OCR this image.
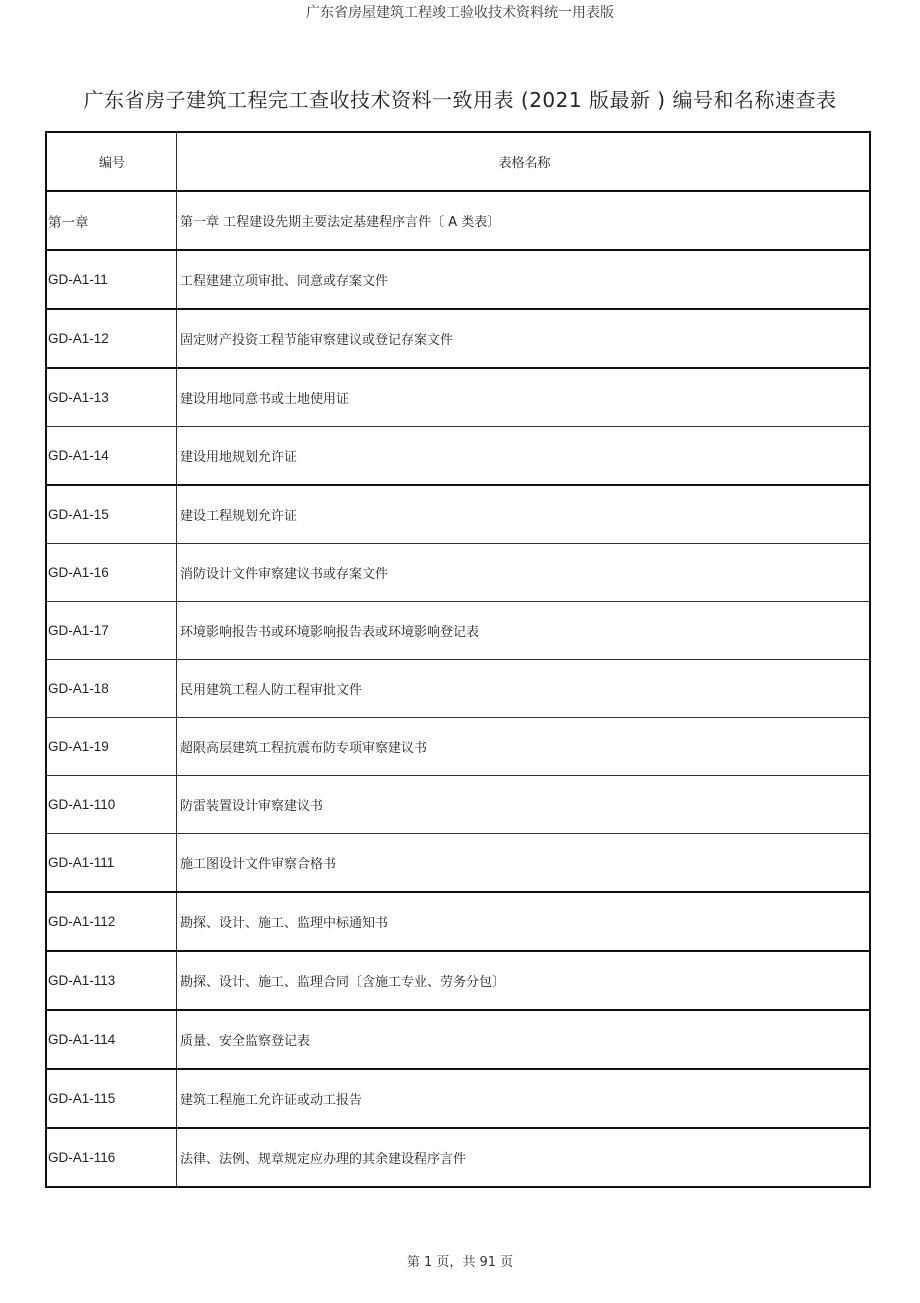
广东省房屋建筑工程竣工验收技术资料统一用表版
广东省房子建筑工程完工查收技术资料一致用表 (2021 版最新 ) 编号和名称速查表
编号	表格名称
第一章	第一章 工程建设先期主要法定基建程序言件〔 A 类表〕
GD-A1-11	工程建建立项审批、同意或存案文件
GD-A1-12	固定财产投资工程节能审察建议或登记存案文件
GD-A1-13	建设用地同意书或土地使用证
GD-A1-14	建设用地规划允许证
GD-A1-15	建设工程规划允许证
GD-A1-16	消防设计文件审察建议书或存案文件
GD-A1-17	环境影响报告书或环境影响报告表或环境影响登记表
GD-A1-18	民用建筑工程人防工程审批文件
GD-A1-19	超限高层建筑工程抗震布防专项审察建议书
GD-A1-110	防雷装置设计审察建议书
GD-A1-111	施工图设计文件审察合格书
GD-A1-112	勘探、设计、施工、监理中标通知书
GD-A1-113	勘探、设计、施工、监理合同〔含施工专业、劳务分包〕
GD-A1-114	质量、安全监察登记表
GD-A1-115	建筑工程施工允许证或动工报告
GD-A1-116	法律、法例、规章规定应办理的其余建设程序言件
第 1 页，共 91 页
